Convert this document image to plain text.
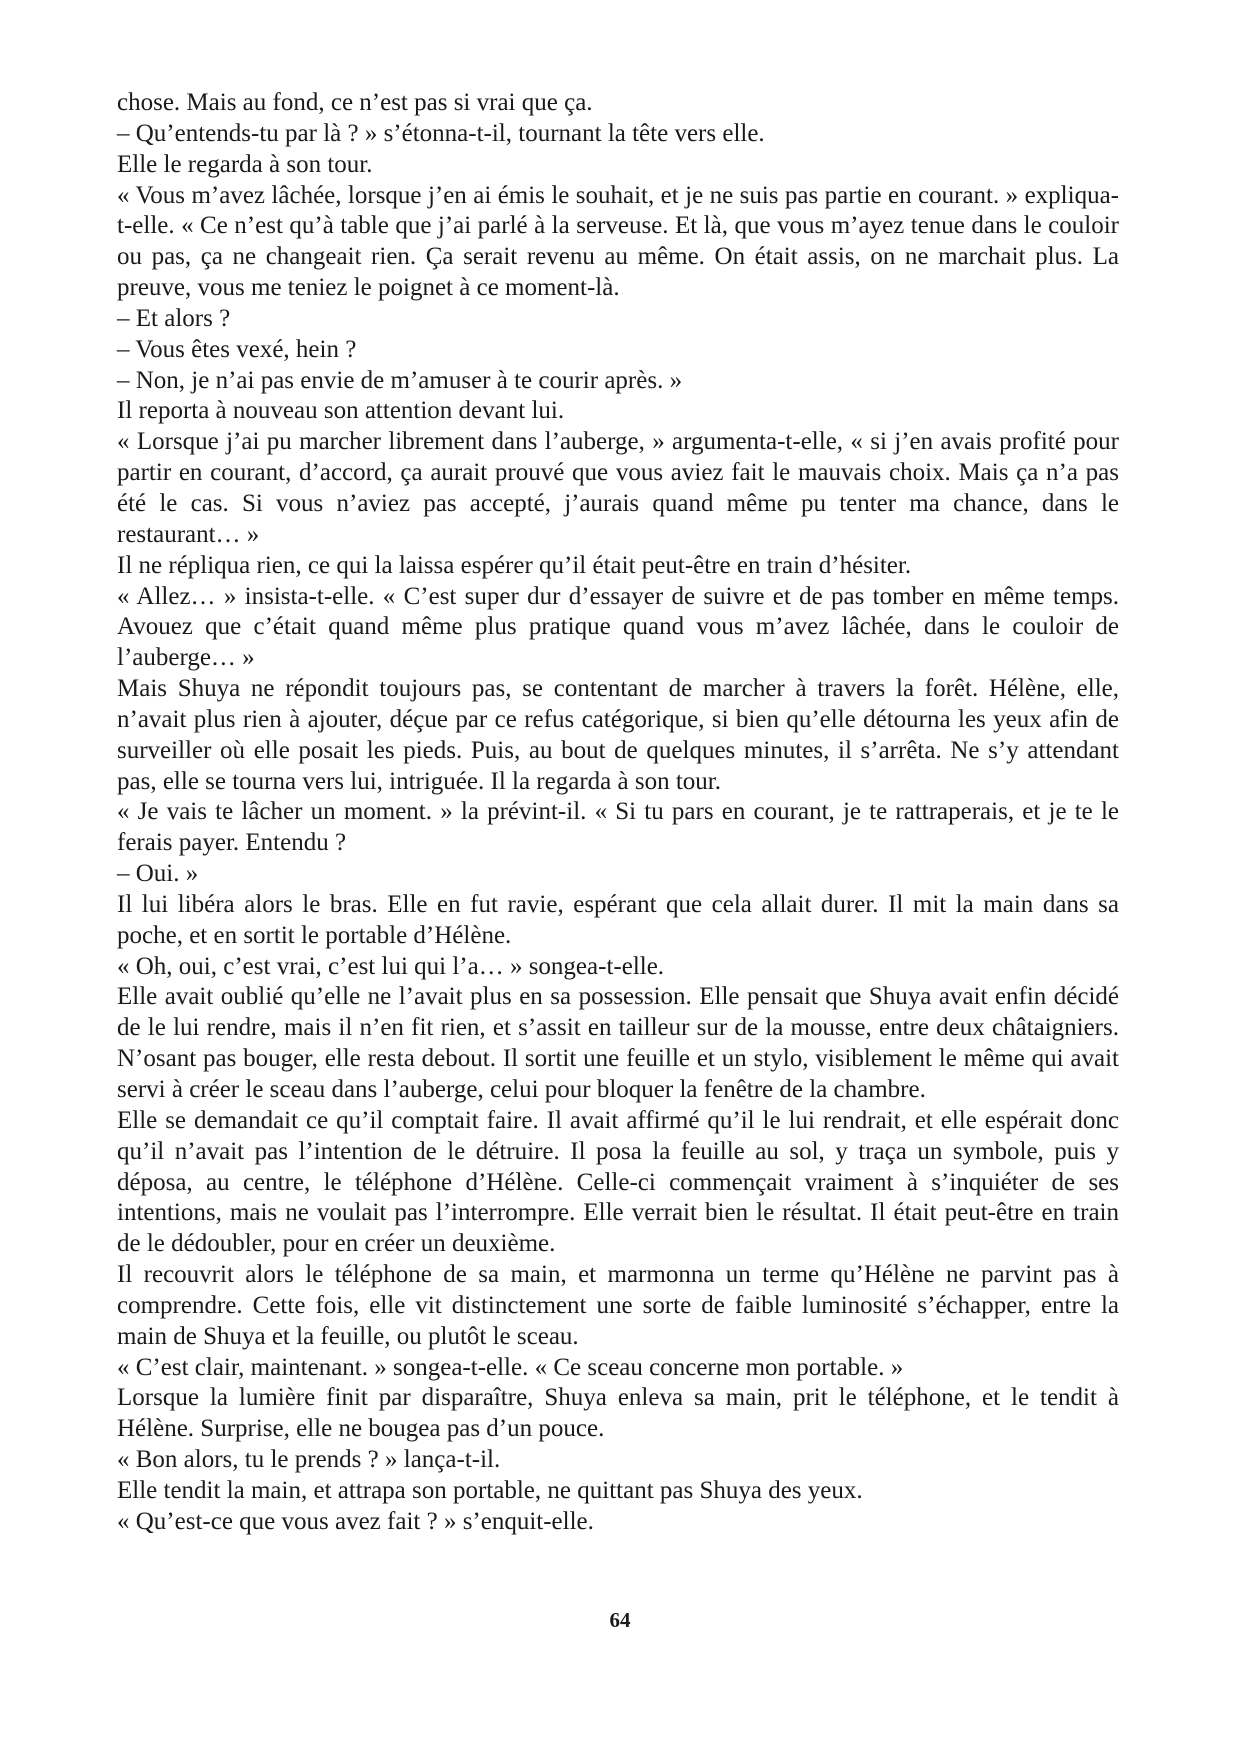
chose. Mais au fond, ce n’est pas si vrai que ça.

– Qu’entends-tu par là ? » s’étonna-t-il, tournant la tête vers elle.

Elle le regarda à son tour.

« Vous m’avez lâchée, lorsque j’en ai émis le souhait, et je ne suis pas partie en courant. » expliqua-t-elle. « Ce n’est qu’à table que j’ai parlé à la serveuse. Et là, que vous m’ayez tenue dans le couloir ou pas, ça ne changeait rien. Ça serait revenu au même. On était assis, on ne marchait plus. La preuve, vous me teniez le poignet à ce moment-là.

– Et alors ?

– Vous êtes vexé, hein ?

– Non, je n’ai pas envie de m’amuser à te courir après. »

Il reporta à nouveau son attention devant lui.

« Lorsque j’ai pu marcher librement dans l’auberge, » argumenta-t-elle, « si j’en avais profité pour partir en courant, d’accord, ça aurait prouvé que vous aviez fait le mauvais choix. Mais ça n’a pas été le cas. Si vous n’aviez pas accepté, j’aurais quand même pu tenter ma chance, dans le restaurant… »

Il ne répliqua rien, ce qui la laissa espérer qu’il était peut-être en train d’hésiter.

« Allez… » insista-t-elle. « C’est super dur d’essayer de suivre et de pas tomber en même temps. Avouez que c’était quand même plus pratique quand vous m’avez lâchée, dans le couloir de l’auberge… »

Mais Shuya ne répondit toujours pas, se contentant de marcher à travers la forêt. Hélène, elle, n’avait plus rien à ajouter, déçue par ce refus catégorique, si bien qu’elle détourna les yeux afin de surveiller où elle posait les pieds. Puis, au bout de quelques minutes, il s’arrêta. Ne s’y attendant pas, elle se tourna vers lui, intriguée. Il la regarda à son tour.

« Je vais te lâcher un moment. » la prévint-il. « Si tu pars en courant, je te rattraperais, et je te le ferais payer. Entendu ?

– Oui. »

Il lui libéra alors le bras. Elle en fut ravie, espérant que cela allait durer. Il mit la main dans sa poche, et en sortit le portable d’Hélène.

« Oh, oui, c’est vrai, c’est lui qui l’a… » songea-t-elle.

Elle avait oublié qu’elle ne l’avait plus en sa possession. Elle pensait que Shuya avait enfin décidé de le lui rendre, mais il n’en fit rien, et s’assit en tailleur sur de la mousse, entre deux châtaigniers. N’osant pas bouger, elle resta debout. Il sortit une feuille et un stylo, visiblement le même qui avait servi à créer le sceau dans l’auberge, celui pour bloquer la fenêtre de la chambre.

Elle se demandait ce qu’il comptait faire. Il avait affirmé qu’il le lui rendrait, et elle espérait donc qu’il n’avait pas l’intention de le détruire. Il posa la feuille au sol, y traça un symbole, puis y déposa, au centre, le téléphone d’Hélène. Celle-ci commençait vraiment à s’inquiéter de ses intentions, mais ne voulait pas l’interrompre. Elle verrait bien le résultat. Il était peut-être en train de le dédoubler, pour en créer un deuxième.

Il recouvrit alors le téléphone de sa main, et marmonna un terme qu’Hélène ne parvint pas à comprendre. Cette fois, elle vit distinctement une sorte de faible luminosité s’échapper, entre la main de Shuya et la feuille, ou plutôt le sceau.

« C’est clair, maintenant. » songea-t-elle. « Ce sceau concerne mon portable. »

Lorsque la lumière finit par disparaître, Shuya enleva sa main, prit le téléphone, et le tendit à Hélène. Surprise, elle ne bougea pas d’un pouce.

« Bon alors, tu le prends ? » lança-t-il.

Elle tendit la main, et attrapa son portable, ne quittant pas Shuya des yeux.

« Qu’est-ce que vous avez fait ? » s’enquit-elle.

64
